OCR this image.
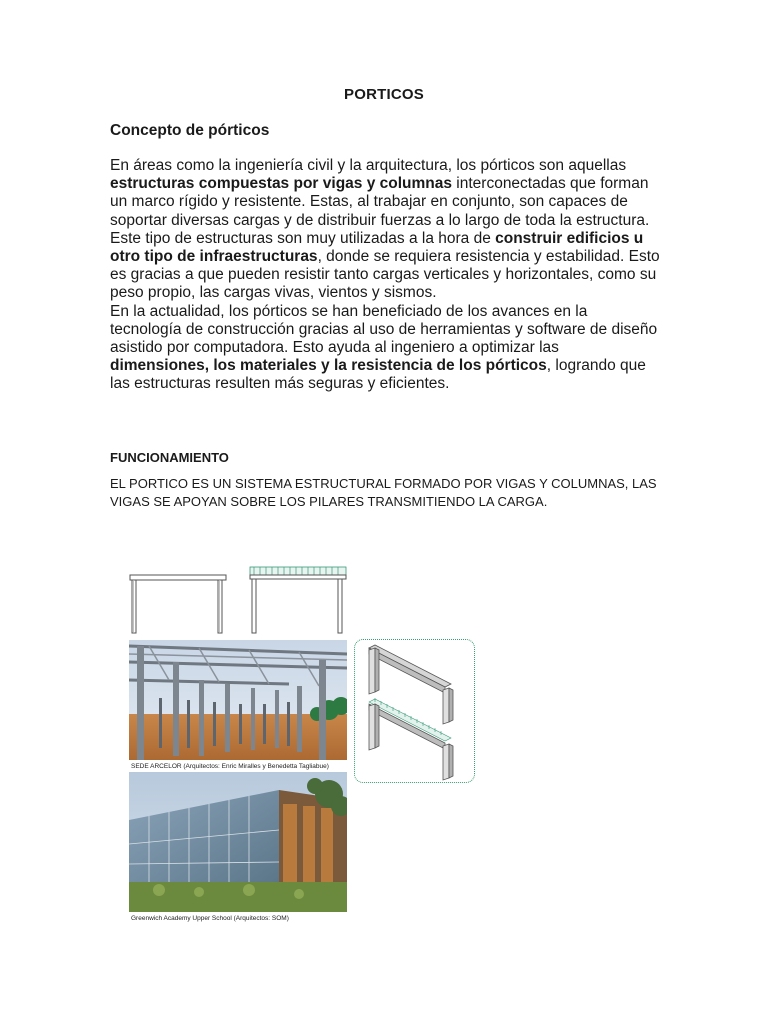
PORTICOS
Concepto de pórticos

En áreas como la ingeniería civil y la arquitectura, los pórticos son aquellas estructuras compuestas por vigas y columnas interconectadas que forman un marco rígido y resistente. Estas, al trabajar en conjunto, son capaces de soportar diversas cargas y de distribuir fuerzas a lo largo de toda la estructura.

Este tipo de estructuras son muy utilizadas a la hora de construir edificios u otro tipo de infraestructuras, donde se requiera resistencia y estabilidad. Esto es gracias a que pueden resistir tanto cargas verticales y horizontales, como su peso propio, las cargas vivas, vientos y sismos.

En la actualidad, los pórticos se han beneficiado de los avances en la tecnología de construcción gracias al uso de herramientas y software de diseño asistido por computadora. Esto ayuda al ingeniero a optimizar las dimensiones, los materiales y la resistencia de los pórticos, logrando que las estructuras resulten más seguras y eficientes.

FUNCIONAMIENTO
EL PORTICO ES UN SISTEMA ESTRUCTURAL FORMADO POR VIGAS Y COLUMNAS, LAS VIGAS SE APOYAN SOBRE LOS PILARES TRANSMITIENDO LA CARGA.
SEDE ARCELOR (Arquitectos: Enric Miralles y Benedetta Tagliabue)
Greenwich Academy Upper School (Arquitectos: SOM)
